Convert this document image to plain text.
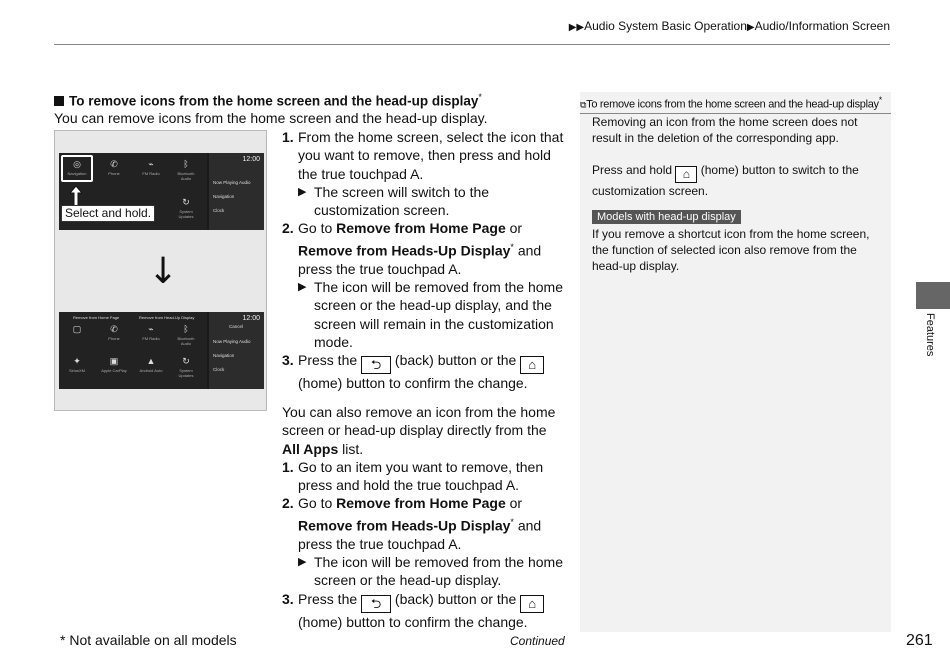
▶▶Audio System Basic Operation▶Audio/Information Screen
To remove icons from the home screen and the head-up display*
You can remove icons from the home screen and the head-up display.
◎
Navigation
✆
Phone
⌁
FM Radio
ᛒ
Bluetooth Audio
↻
System Updates
12:00
Now Playing Audio
Navigation
Clock
Select and hold.
↓
Remove from Home Page	Remove from Head-Up Display
▢	✆
Phone
⌁
FM Radio
ᛒ
Bluetooth Audio
✦
SiriusXM
▣
Apple CarPlay
▲
Android Auto
↻
System Updates
12:00
Cancel
Now Playing Audio
Navigation
Clock
1. From the home screen, select the icon that you want to remove, then press and hold the true touchpad A.
▶ The screen will switch to the customization screen.
2. Go to Remove from Home Page or Remove from Heads-Up Display* and press the true touchpad A.
▶ The icon will be removed from the home screen or the head-up display, and the screen will remain in the customization mode.
3. Press the ⮌ (back) button or the ⌂ (home) button to confirm the change.
You can also remove an icon from the home screen or head-up display directly from the All Apps list.
1. Go to an item you want to remove, then press and hold the true touchpad A.
2. Go to Remove from Home Page or Remove from Heads-Up Display* and press the true touchpad A.
▶ The icon will be removed from the home screen or the head-up display.
3. Press the ⮌ (back) button or the ⌂ (home) button to confirm the change.
⧉To remove icons from the home screen and the head-up display*
Removing an icon from the home screen does not result in the deletion of the corresponding app.
Press and hold ⌂ (home) button to switch to the customization screen.
Models with head-up display
If you remove a shortcut icon from the home screen, the function of selected icon also remove from the head-up display.
Features
* Not available on all models	Continued	261
